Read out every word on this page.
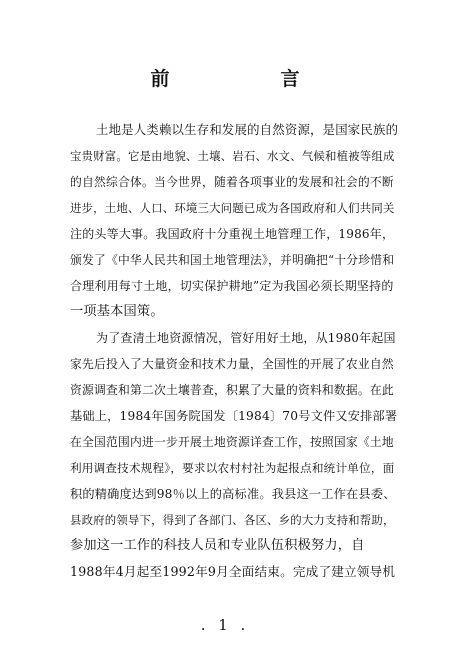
前　言

土地是人类赖以生存和发展的自然资源，是国家民族的
宝贵财富。它是由地貌、土壤、岩石、水文、气候和植被等组成
的自然综合体。当今世界，随着各项事业的发展和社会的不断
进步，土地、人口、环境三大问题已成为各国政府和人们共同关
注的头等大事。我国政府十分重视土地管理工作，1986年，
颁发了《中华人民共和国土地管理法》，并明确把“十分珍惜和
合理利用每寸土地，切实保护耕地”定为我国必须长期坚持的
一项基本国策。

为了查清土地资源情况，管好用好土地，从1980年起国
家先后投入了大量资金和技术力量，全国性的开展了农业自然
资源调查和第二次土壤普查，积累了大量的资料和数据。在此
基础上，1984年国务院国发〔1984〕70号文件又安排部署
在全国范围内进一步开展土地资源详查工作，按照国家《土地
利用调查技术规程》，要求以农村村社为起报点和统计单位，面
积的精确度达到98％以上的高标准。我县这一工作在县委、
县政府的领导下，得到了各部门、各区、乡的大力支持和帮助，
参加这一工作的科技人员和专业队伍积极努力，自
1988年4月起至1992年9月全面结束。完成了建立领导机

. 1 .
